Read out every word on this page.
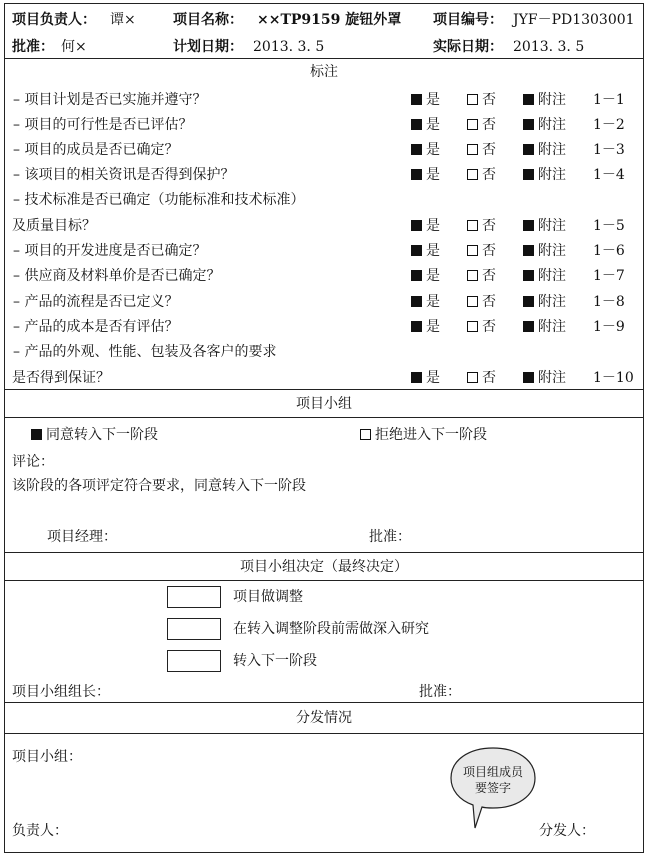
项目负责人： 谭×	项目名称： ××TP9159 旋钮外罩 项目编号： JYF－PD1303001
批准： 何×	计划日期： 2013. 3. 5	实际日期： 2013. 3. 5
标注
– 项目计划是否已实施并遵守？	是	否	附注 1－1
– 项目的可行性是否已评估？	是	否	附注 1－2
– 项目的成员是否已确定？	是	否	附注 1－3
– 该项目的相关资讯是否得到保护？	是	否	附注 1－4
– 技术标准是否已确定（功能标准和技术标准）
及质量目标？	是	否	附注 1－5
– 项目的开发进度是否已确定？	是	否	附注 1－6
– 供应商及材料单价是否已确定？	是	否	附注 1－7
– 产品的流程是否已定义？	是	否	附注 1－8
– 产品的成本是否有评估？	是	否	附注 1－9
– 产品的外观、性能、包装及各客户的要求
是否得到保证？	是	否	附注 1－10
项目小组
同意转入下一阶段	拒绝进入下一阶段
评论：
该阶段的各项评定符合要求，同意转入下一阶段
项目经理：	批准：
项目小组决定（最终决定）
项目做调整
在转入调整阶段前需做深入研究
转入下一阶段
项目小组组长：	批准：
分发情况
项目小组：
负责人：	分发人：
项目组成员
要签字
